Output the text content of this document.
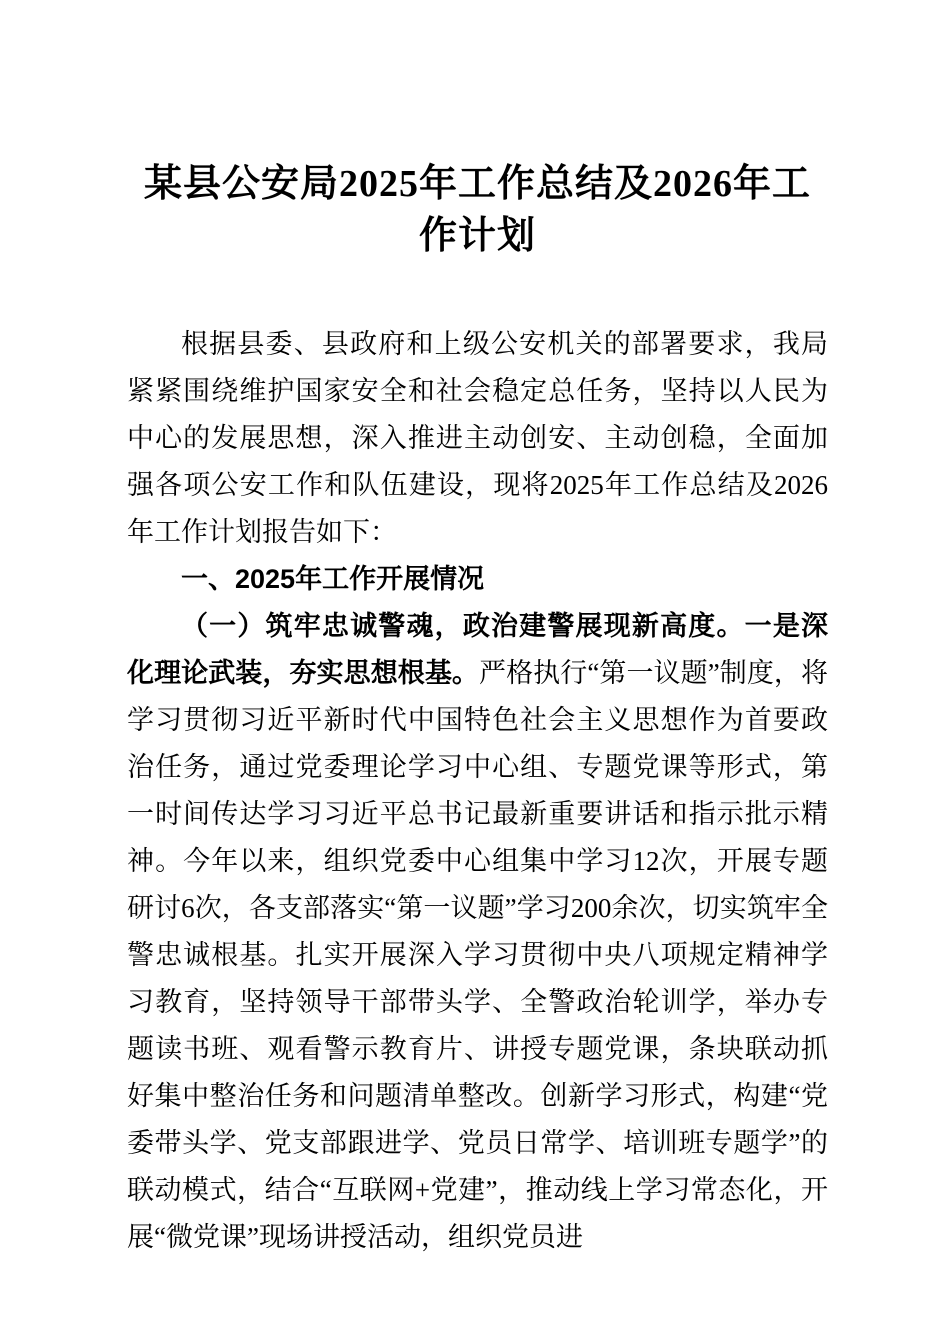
某县公安局2025年工作总结及2026年工作计划

根据县委、县政府和上级公安机关的部署要求，我局紧紧围绕维护国家安全和社会稳定总任务，坚持以人民为中心的发展思想，深入推进主动创安、主动创稳，全面加强各项公安工作和队伍建设，现将2025年工作总结及2026年工作计划报告如下：

一、2025年工作开展情况

（一）筑牢忠诚警魂，政治建警展现新高度。一是深化理论武装，夯实思想根基。严格执行“第一议题”制度，将学习贯彻习近平新时代中国特色社会主义思想作为首要政治任务，通过党委理论学习中心组、专题党课等形式，第一时间传达学习习近平总书记最新重要讲话和指示批示精神。今年以来，组织党委中心组集中学习12次，开展专题研讨6次，各支部落实“第一议题”学习200余次，切实筑牢全警忠诚根基。扎实开展深入学习贯彻中央八项规定精神学习教育，坚持领导干部带头学、全警政治轮训学，举办专题读书班、观看警示教育片、讲授专题党课，条块联动抓好集中整治任务和问题清单整改。创新学习形式，构建“党委带头学、党支部跟进学、党员日常学、培训班专题学”的联动模式，结合“互联网+党建”，推动线上学习常态化，开展“微党课”现场讲授活动，组织党员进
